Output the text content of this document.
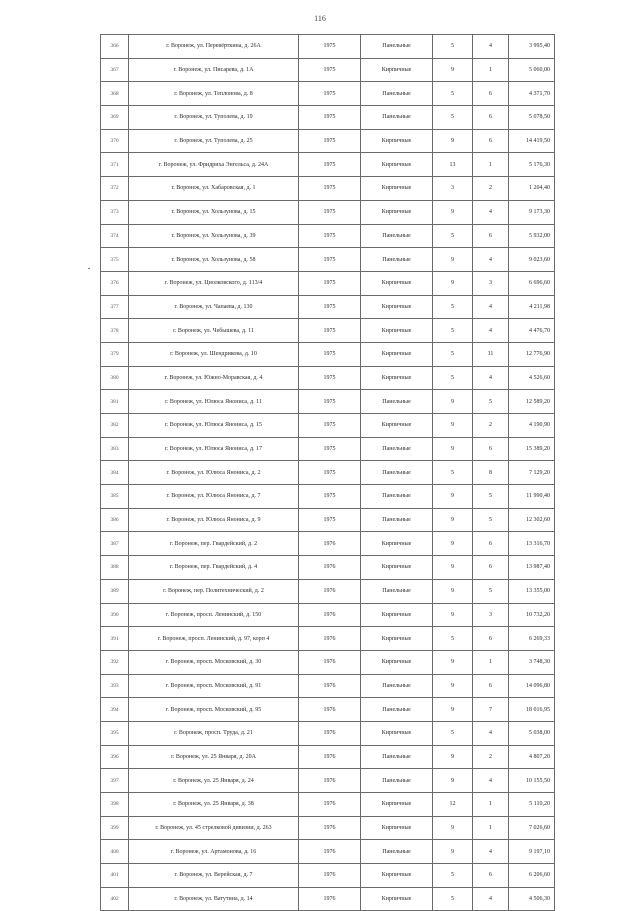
116
366	г. Воронеж, ул. Перевёрткина, д. 26А	1975	Панельные	5	4	3 995,40
367	г. Воронеж, ул. Писарева, д. 1А	1975	Кирпичные	9	1	5 060,00
368	г. Воронеж, ул. Теплонова, д. 8	1975	Панельные	5	6	4 371,70
369	г. Воронеж, ул. Туполева, д. 19	1975	Панельные	5	6	5 078,50
370	г. Воронеж, ул. Туполева, д. 25	1975	Кирпичные	9	6	14 419,50
371	г. Воронеж, ул. Фридриха Энгельса, д. 24А	1975	Кирпичные	13	1	5 176,30
372	г. Воронеж, ул. Хабаровская, д. 1	1975	Кирпичные	3	2	1 204,40
373	г. Воронеж, ул. Хользунова, д. 15	1975	Кирпичные	9	4	9 173,30
374	г. Воронеж, ул. Хользунова, д. 39	1975	Панельные	5	6	5 932,00
375	г. Воронеж, ул. Хользунова, д. 58	1975	Панельные	9	4	9 023,60
376	г. Воронеж, ул. Циолковского, д. 113/4	1975	Кирпичные	9	3	6 696,60
377	г. Воронеж, ул. Чапаева, д. 130	1975	Кирпичные	5	4	4 211,98
378	г. Воронеж, ул. Чебышева, д. 11	1975	Кирпичные	5	4	4 476,70
379	г. Воронеж, ул. Шендрикова, д. 10	1975	Кирпичные	5	11	12 776,90
380	г. Воронеж, ул. Южно-Моравская, д. 4	1975	Кирпичные	5	4	4 526,60
381	г. Воронеж, ул. Юлюса Янониса, д. 11	1975	Панельные	9	5	12 589,20
382	г. Воронеж, ул. Юлюса Янониса, д. 15	1975	Кирпичные	9	2	4 190,90
383	г. Воронеж, ул. Юлюса Янониса, д. 17	1975	Панельные	9	6	15 389,20
384	г. Воронеж, ул. Юлюса Янониса, д. 2	1975	Панельные	5	8	7 129,20
385	г. Воронеж, ул. Юлюса Янониса, д. 7	1975	Панельные	9	5	11 990,40
386	г. Воронеж, ул. Юлюса Янониса, д. 9	1975	Панельные	9	5	12 302,60
387	г. Воронеж, пер. Гвардейский, д. 2	1976	Кирпичные	9	6	13 316,70
388	г. Воронеж, пер. Гвардейский, д. 4	1976	Кирпичные	9	6	13 987,40
389	г. Воронеж, пер. Политехнический, д. 2	1976	Панельные	9	5	13 355,00
390	г. Воронеж, просп. Ленинский, д. 150	1976	Кирпичные	9	3	10 732,20
391	г. Воронеж, просп. Ленинский, д. 97, корп 4	1976	Кирпичные	5	6	6 269,33
392	г. Воронеж, просп. Московский, д. 30	1976	Кирпичные	9	1	3 748,30
393	г. Воронеж, просп. Московский, д. 91	1976	Панельные	9	6	14 096,80
394	г. Воронеж, просп. Московский, д. 95	1976	Панельные	9	7	18 016,95
395	г. Воронеж, просп. Труда, д. 21	1976	Кирпичные	5	4	5 038,00
396	г. Воронеж, ул. 25 Января, д. 20А	1976	Панельные	9	2	4 807,20
397	г. Воронеж, ул. 25 Января, д. 24	1976	Панельные	9	4	10 155,50
398	г. Воронеж, ул. 25 Января, д. 38	1976	Кирпичные	12	1	5 110,20
399	г. Воронеж, ул. 45 стрелковой дивизии, д. 263	1976	Кирпичные	9	1	7 026,60
400	г. Воронеж, ул. Артамонова, д. 16	1976	Панельные	9	4	9 197,10
401	г. Воронеж, ул. Верейская, д. 7	1976	Кирпичные	5	6	6 206,60
402	г. Воронеж, ул. Ватутина, д. 14	1976	Кирпичные	5	4	4 506,30
